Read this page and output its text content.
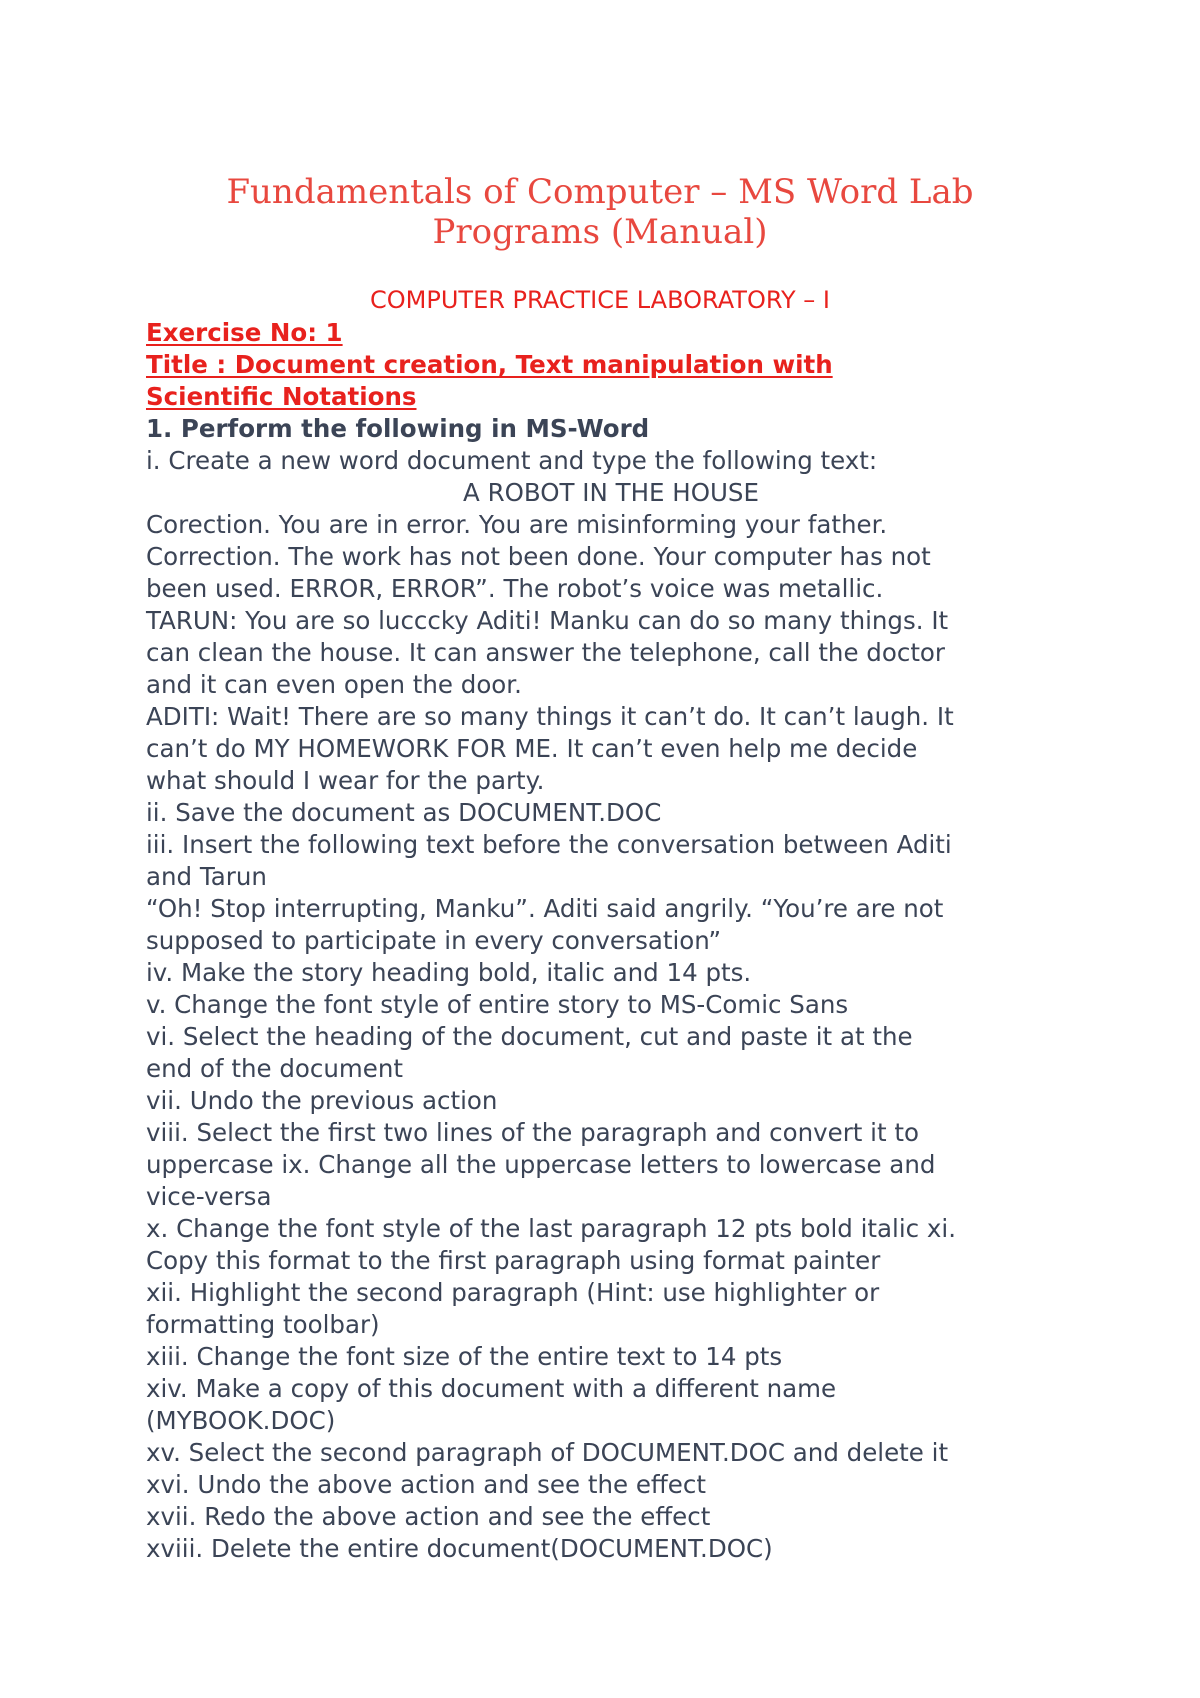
Fundamentals of Computer – MS Word Lab
Programs (Manual)
COMPUTER PRACTICE LABORATORY – I
Exercise No: 1
Title : Document creation, Text manipulation with
Scientific Notations
1. Perform the following in MS-Word
i. Create a new word document and type the following text:
A ROBOT IN THE HOUSE
Corection. You are in error. You are misinforming your father.
Correction. The work has not been done. Your computer has not
been used. ERROR, ERROR”. The robot’s voice was metallic.
TARUN: You are so lucccky Aditi! Manku can do so many things. It
can clean the house. It can answer the telephone, call the doctor
and it can even open the door.
ADITI: Wait! There are so many things it can’t do. It can’t laugh. It
can’t do MY HOMEWORK FOR ME. It can’t even help me decide
what should I wear for the party.
ii. Save the document as DOCUMENT.DOC
iii. Insert the following text before the conversation between Aditi
and Tarun
“Oh! Stop interrupting, Manku”. Aditi said angrily. “You’re are not
supposed to participate in every conversation”
iv. Make the story heading bold, italic and 14 pts.
v. Change the font style of entire story to MS-Comic Sans
vi. Select the heading of the document, cut and paste it at the
end of the document
vii. Undo the previous action
viii. Select the first two lines of the paragraph and convert it to
uppercase ix. Change all the uppercase letters to lowercase and
vice-versa
x. Change the font style of the last paragraph 12 pts bold italic xi.
Copy this format to the first paragraph using format painter
xii. Highlight the second paragraph (Hint: use highlighter or
formatting toolbar)
xiii. Change the font size of the entire text to 14 pts
xiv. Make a copy of this document with a different name
(MYBOOK.DOC)
xv. Select the second paragraph of DOCUMENT.DOC and delete it
xvi. Undo the above action and see the effect
xvii. Redo the above action and see the effect
xviii. Delete the entire document(DOCUMENT.DOC)
